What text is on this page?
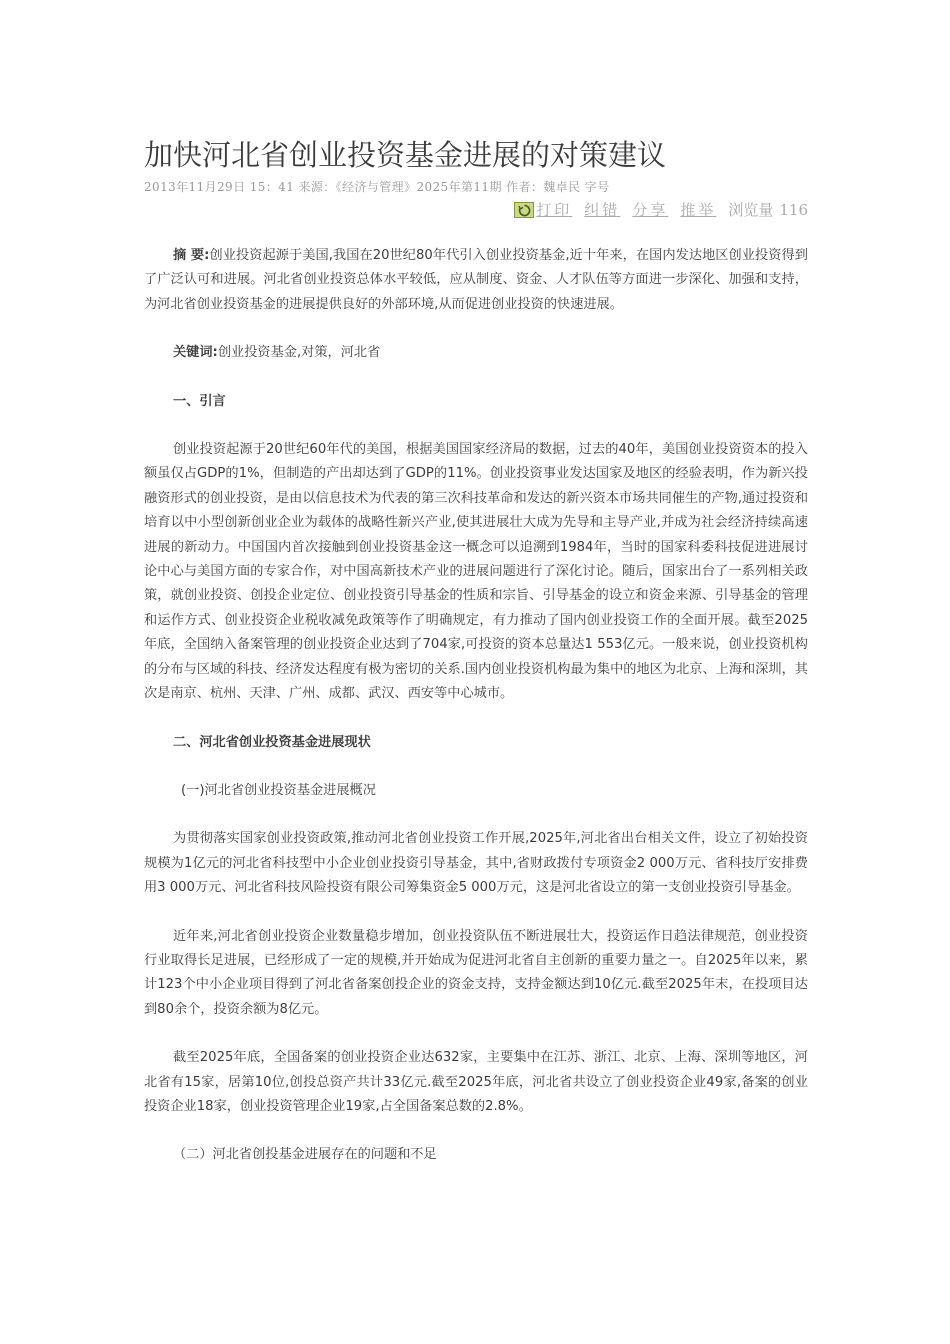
加快河北省创业投资基金进展的对策建议
2013年11月29日 15：41 来源：《经济与管理》2025年第11期 作者：魏卓民 字号
打印 纠错 分享 推举 浏览量 116

摘 要:创业投资起源于美国,我国在20世纪80年代引入创业投资基金,近十年来，在国内发达地区创业投资得到了广泛认可和进展。河北省创业投资总体水平较低，应从制度、资金、人才队伍等方面进一步深化、加强和支持，为河北省创业投资基金的进展提供良好的外部环境,从而促进创业投资的快速进展。

关键词:创业投资基金,对策，河北省

一、引言

创业投资起源于20世纪60年代的美国，根据美国国家经济局的数据，过去的40年，美国创业投资资本的投入额虽仅占GDP的1%，但制造的产出却达到了GDP的11%。创业投资事业发达国家及地区的经验表明，作为新兴投融资形式的创业投资，是由以信息技术为代表的第三次科技革命和发达的新兴资本市场共同催生的产物,通过投资和培育以中小型创新创业企业为载体的战略性新兴产业,使其进展壮大成为先导和主导产业,并成为社会经济持续高速进展的新动力。中国国内首次接触到创业投资基金这一概念可以追溯到1984年，当时的国家科委科技促进进展讨论中心与美国方面的专家合作，对中国高新技术产业的进展问题进行了深化讨论。随后，国家出台了一系列相关政策，就创业投资、创投企业定位、创业投资引导基金的性质和宗旨、引导基金的设立和资金来源、引导基金的管理和运作方式、创业投资企业税收减免政策等作了明确规定，有力推动了国内创业投资工作的全面开展。截至2025年底，全国纳入备案管理的创业投资企业达到了704家,可投资的资本总量达1 553亿元。一般来说，创业投资机构的分布与区域的科技、经济发达程度有极为密切的关系.国内创业投资机构最为集中的地区为北京、上海和深圳，其次是南京、杭州、天津、广州、成都、武汉、西安等中心城市。

二、河北省创业投资基金进展现状

(一)河北省创业投资基金进展概况

为贯彻落实国家创业投资政策,推动河北省创业投资工作开展,2025年,河北省出台相关文件，设立了初始投资规模为1亿元的河北省科技型中小企业创业投资引导基金，其中,省财政拨付专项资金2 000万元、省科技厅安排费用3 000万元、河北省科技风险投资有限公司筹集资金5 000万元，这是河北省设立的第一支创业投资引导基金。

近年来,河北省创业投资企业数量稳步增加，创业投资队伍不断进展壮大，投资运作日趋法律规范，创业投资行业取得长足进展，已经形成了一定的规模,并开始成为促进河北省自主创新的重要力量之一。自2025年以来，累计123个中小企业项目得到了河北省备案创投企业的资金支持，支持金额达到10亿元.截至2025年末，在投项目达到80余个，投资余额为8亿元。

截至2025年底，全国备案的创业投资企业达632家，主要集中在江苏、浙江、北京、上海、深圳等地区，河北省有15家，居第10位,创投总资产共计33亿元.截至2025年底，河北省共设立了创业投资企业49家,备案的创业投资企业18家，创业投资管理企业19家,占全国备案总数的2.8%。

（二）河北省创投基金进展存在的问题和不足
